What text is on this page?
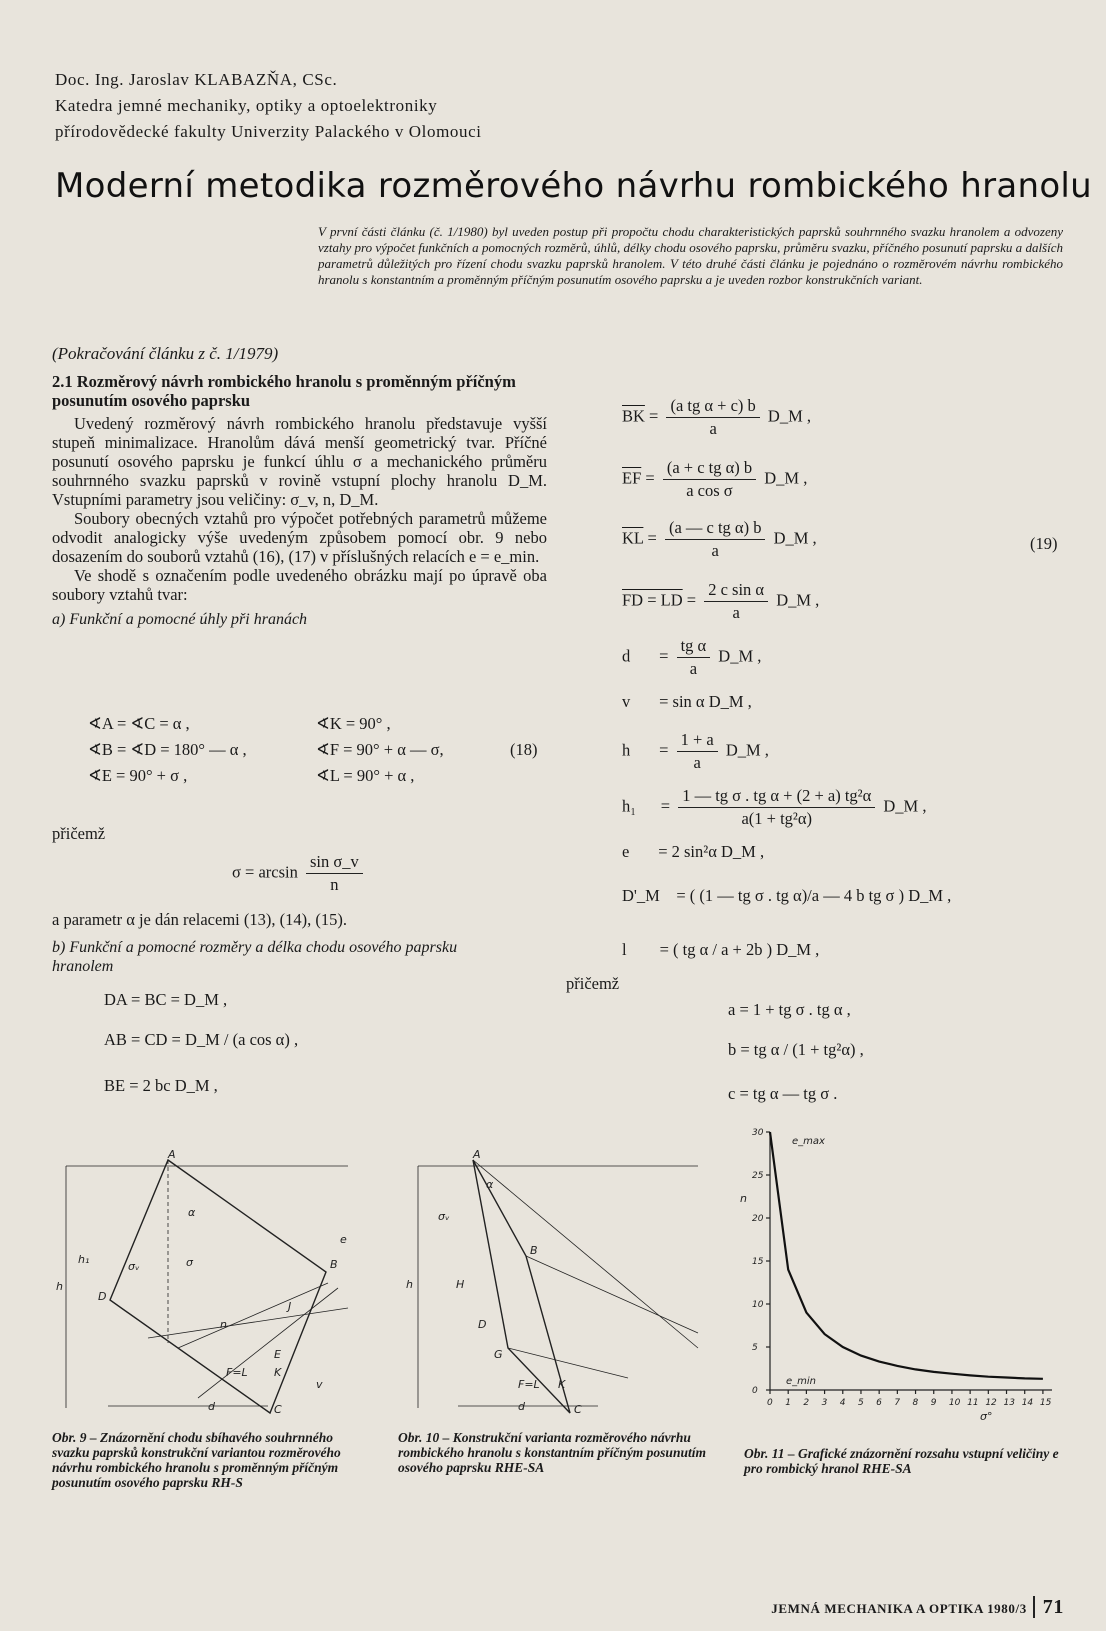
Doc. Ing. Jaroslav KLABAZŇA, CSc.
Katedra jemné mechaniky, optiky a optoelektroniky
přírodovědecké fakulty Univerzity Palackého v Olomouci
Moderní metodika rozměrového návrhu rombického hranolu
V první části článku (č. 1/1980) byl uveden postup při propočtu chodu charakteristických paprsků souhrnného svazku hranolem a odvozeny vztahy pro výpočet funkčních a pomocných rozměrů, úhlů, délky chodu osového paprsku, průměru svazku, příčného posunutí paprsku a dalších parametrů důležitých pro řízení chodu svazku paprsků hranolem. V této druhé části článku je pojednáno o rozměrovém návrhu rombického hranolu s konstantním a proměnným příčným posunutím osového paprsku a je uveden rozbor konstrukčních variant.
(Pokračování článku z č. 1/1979)
2.1 Rozměrový návrh rombického hranolu s proměnným příčným posunutím osového paprsku

Uvedený rozměrový návrh rombického hranolu představuje vyšší stupeň minimalizace. Hranolům dává menší geometrický tvar. Příčné posunutí osového paprsku je funkcí úhlu σ a mechanického průměru souhrnného svazku paprsků v rovině vstupní plochy hranolu D_M. Vstupními parametry jsou veličiny: σ_v, n, D_M.

Soubory obecných vztahů pro výpočet potřebných parametrů můžeme odvodit analogicky výše uvedeným způsobem pomocí obr. 9 nebo dosazením do souborů vztahů (16), (17) v příslušných relacích e = e_min.

Ve shodě s označením podle uvedeného obrázku mají po úpravě oba soubory vztahů tvar:

a) Funkční a pomocné úhly při hranách
∢A = ∢C = α ,	∢K = 90° ,
∢B = ∢D = 180° — α ,	∢F = 90° + α — σ,
∢E = 90° + σ ,	∢L = 90° + α ,
(18)
přičemž
$\sigma = \arcsin \frac{\text{sin σ\_v}}{n}$
a parametr α je dán relacemi (13), (14), (15).
b) Funkční a pomocné rozměry a délka chodu osového paprsku hranolem
DA = BC = D_M ,
AB = CD = D_M / (a cos α) ,
BE = 2 bc D_M ,
$\overline{BK} = \frac{\text{(a tg α + c) b}}{a}$ D_M ,
$\overline{EF} = \frac{\text{(a + c tg α) b}}{\text{a cos σ}}$ D_M ,
$\overline{KL} = \frac{\text{(a — c tg α) b}}{a}$ D_M ,	(19)
FD = LD = $\frac{\text{2 c sin α}}{a}$ D_M ,
d       = $\frac{\text{tg α}}{a}$ D_M ,
v = sin α D_M ,
h       = $\frac{1 + a}{a}$ D_M ,
h₁      = $\frac{\text{1 — tg σ . tg α + (2 + a) tg²α}}{\text{a(1 + tg²α)}}$ D_M ,
e = 2 sin²α D_M ,
D'_M = ( (1 — tg σ . tg α)/a — 4 b tg σ ) D_M ,
l = ( tg α / a + 2b ) D_M ,
přičemž
a = 1 + tg σ . tg α ,
b = tg α / (1 + tg²α) ,
c = tg α — tg σ .
A
B
C
D
E
F=L K
J
n
σ
σᵥ
α
d
e
h
h₁
v
A
B
C
D
H
G
F=L K
d
h
σᵥ
α
0 1 2 3 4 5 6 7 8 9 10 11 12 13 14 15
0
5
10
15
20
25
30
e_max
e_min
σ°
n
Obr. 9 – Znázornění chodu sbíhavého souhrnného svazku paprsků konstrukční variantou rozměrového návrhu rombického hranolu s proměnným příčným posunutím osového paprsku RH-S
Obr. 10 – Konstrukční varianta rozměrového návrhu rombického hranolu s konstantním příčným posunutím osového paprsku RHE-SA
Obr. 11 – Grafické znázornění rozsahu vstupní veličiny e pro rombický hranol RHE-SA
JEMNÁ MECHANIKA A OPTIKA 1980/3 71
